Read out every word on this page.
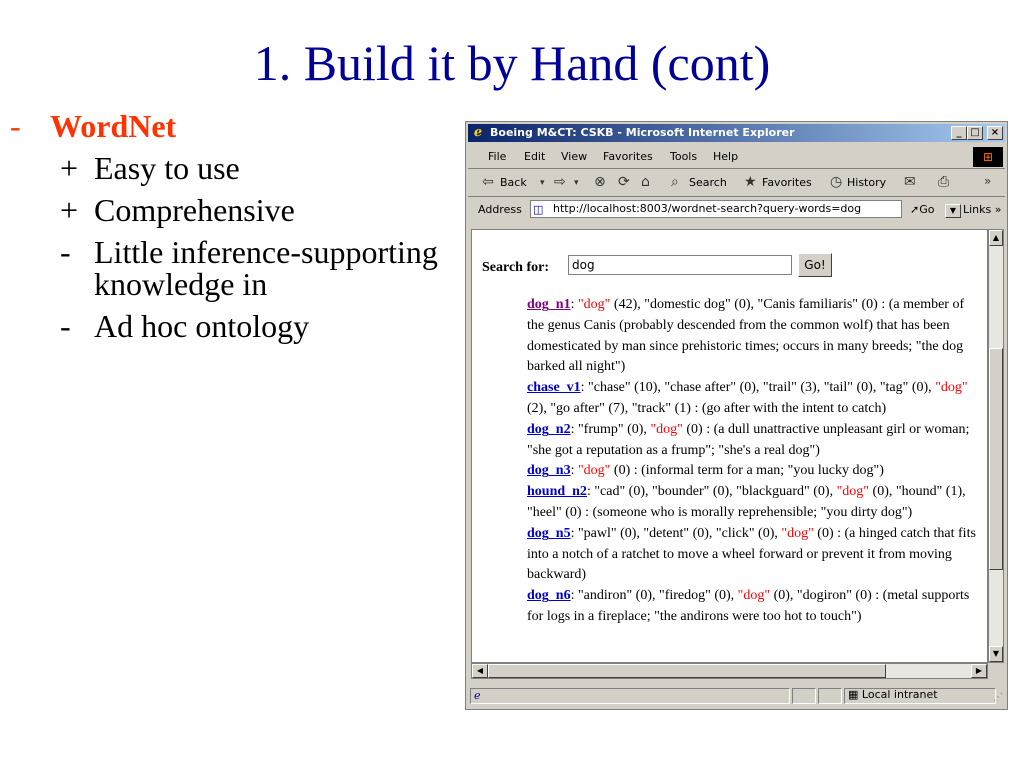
1. Build it by Hand (cont)
- WordNet
+ Easy to use
+ Comprehensive
- Little inference-supporting knowledge in
- Ad hoc ontology
ℯ Boeing M&CT: CSKB - Microsoft Internet Explorer	_ □	×
File Edit View Favorites Tools Help	⊞
⇦ Back ▾ ⇨ ▾ ⊗ ⟳ ⌂ ⌕ Search ★ Favorites ◷ History ✉ ⎙	»
Address ◫ http://localhost:8003/wordnet-search?query-words=dog	▼
➚Go	Links »
Search for:
dog	Go!
dog_n1: "dog" (42), "domestic dog" (0), "Canis familiaris" (0) : (a member of the genus Canis (probably descended from the common wolf) that has been domesticated by man since prehistoric times; occurs in many breeds; "the dog barked all night")
chase_v1: "chase" (10), "chase after" (0), "trail" (3), "tail" (0), "tag" (0), "dog" (2), "go after" (7), "track" (1) : (go after with the intent to catch)
dog_n2: "frump" (0), "dog" (0) : (a dull unattractive unpleasant girl or woman; "she got a reputation as a frump"; "she's a real dog")
dog_n3: "dog" (0) : (informal term for a man; "you lucky dog")
hound_n2: "cad" (0), "bounder" (0), "blackguard" (0), "dog" (0), "hound" (1), "heel" (0) : (someone who is morally reprehensible; "you dirty dog")
dog_n5: "pawl" (0), "detent" (0), "click" (0), "dog" (0) : (a hinged catch that fits into a notch of a ratchet to move a wheel forward or prevent it from moving backward)
dog_n6: "andiron" (0), "firedog" (0), "dog" (0), "dogiron" (0) : (metal supports for logs in a fireplace; "the andirons were too hot to touch")
▲
▼
◀	▶
ℯ	▦ Local intranet	⋰
